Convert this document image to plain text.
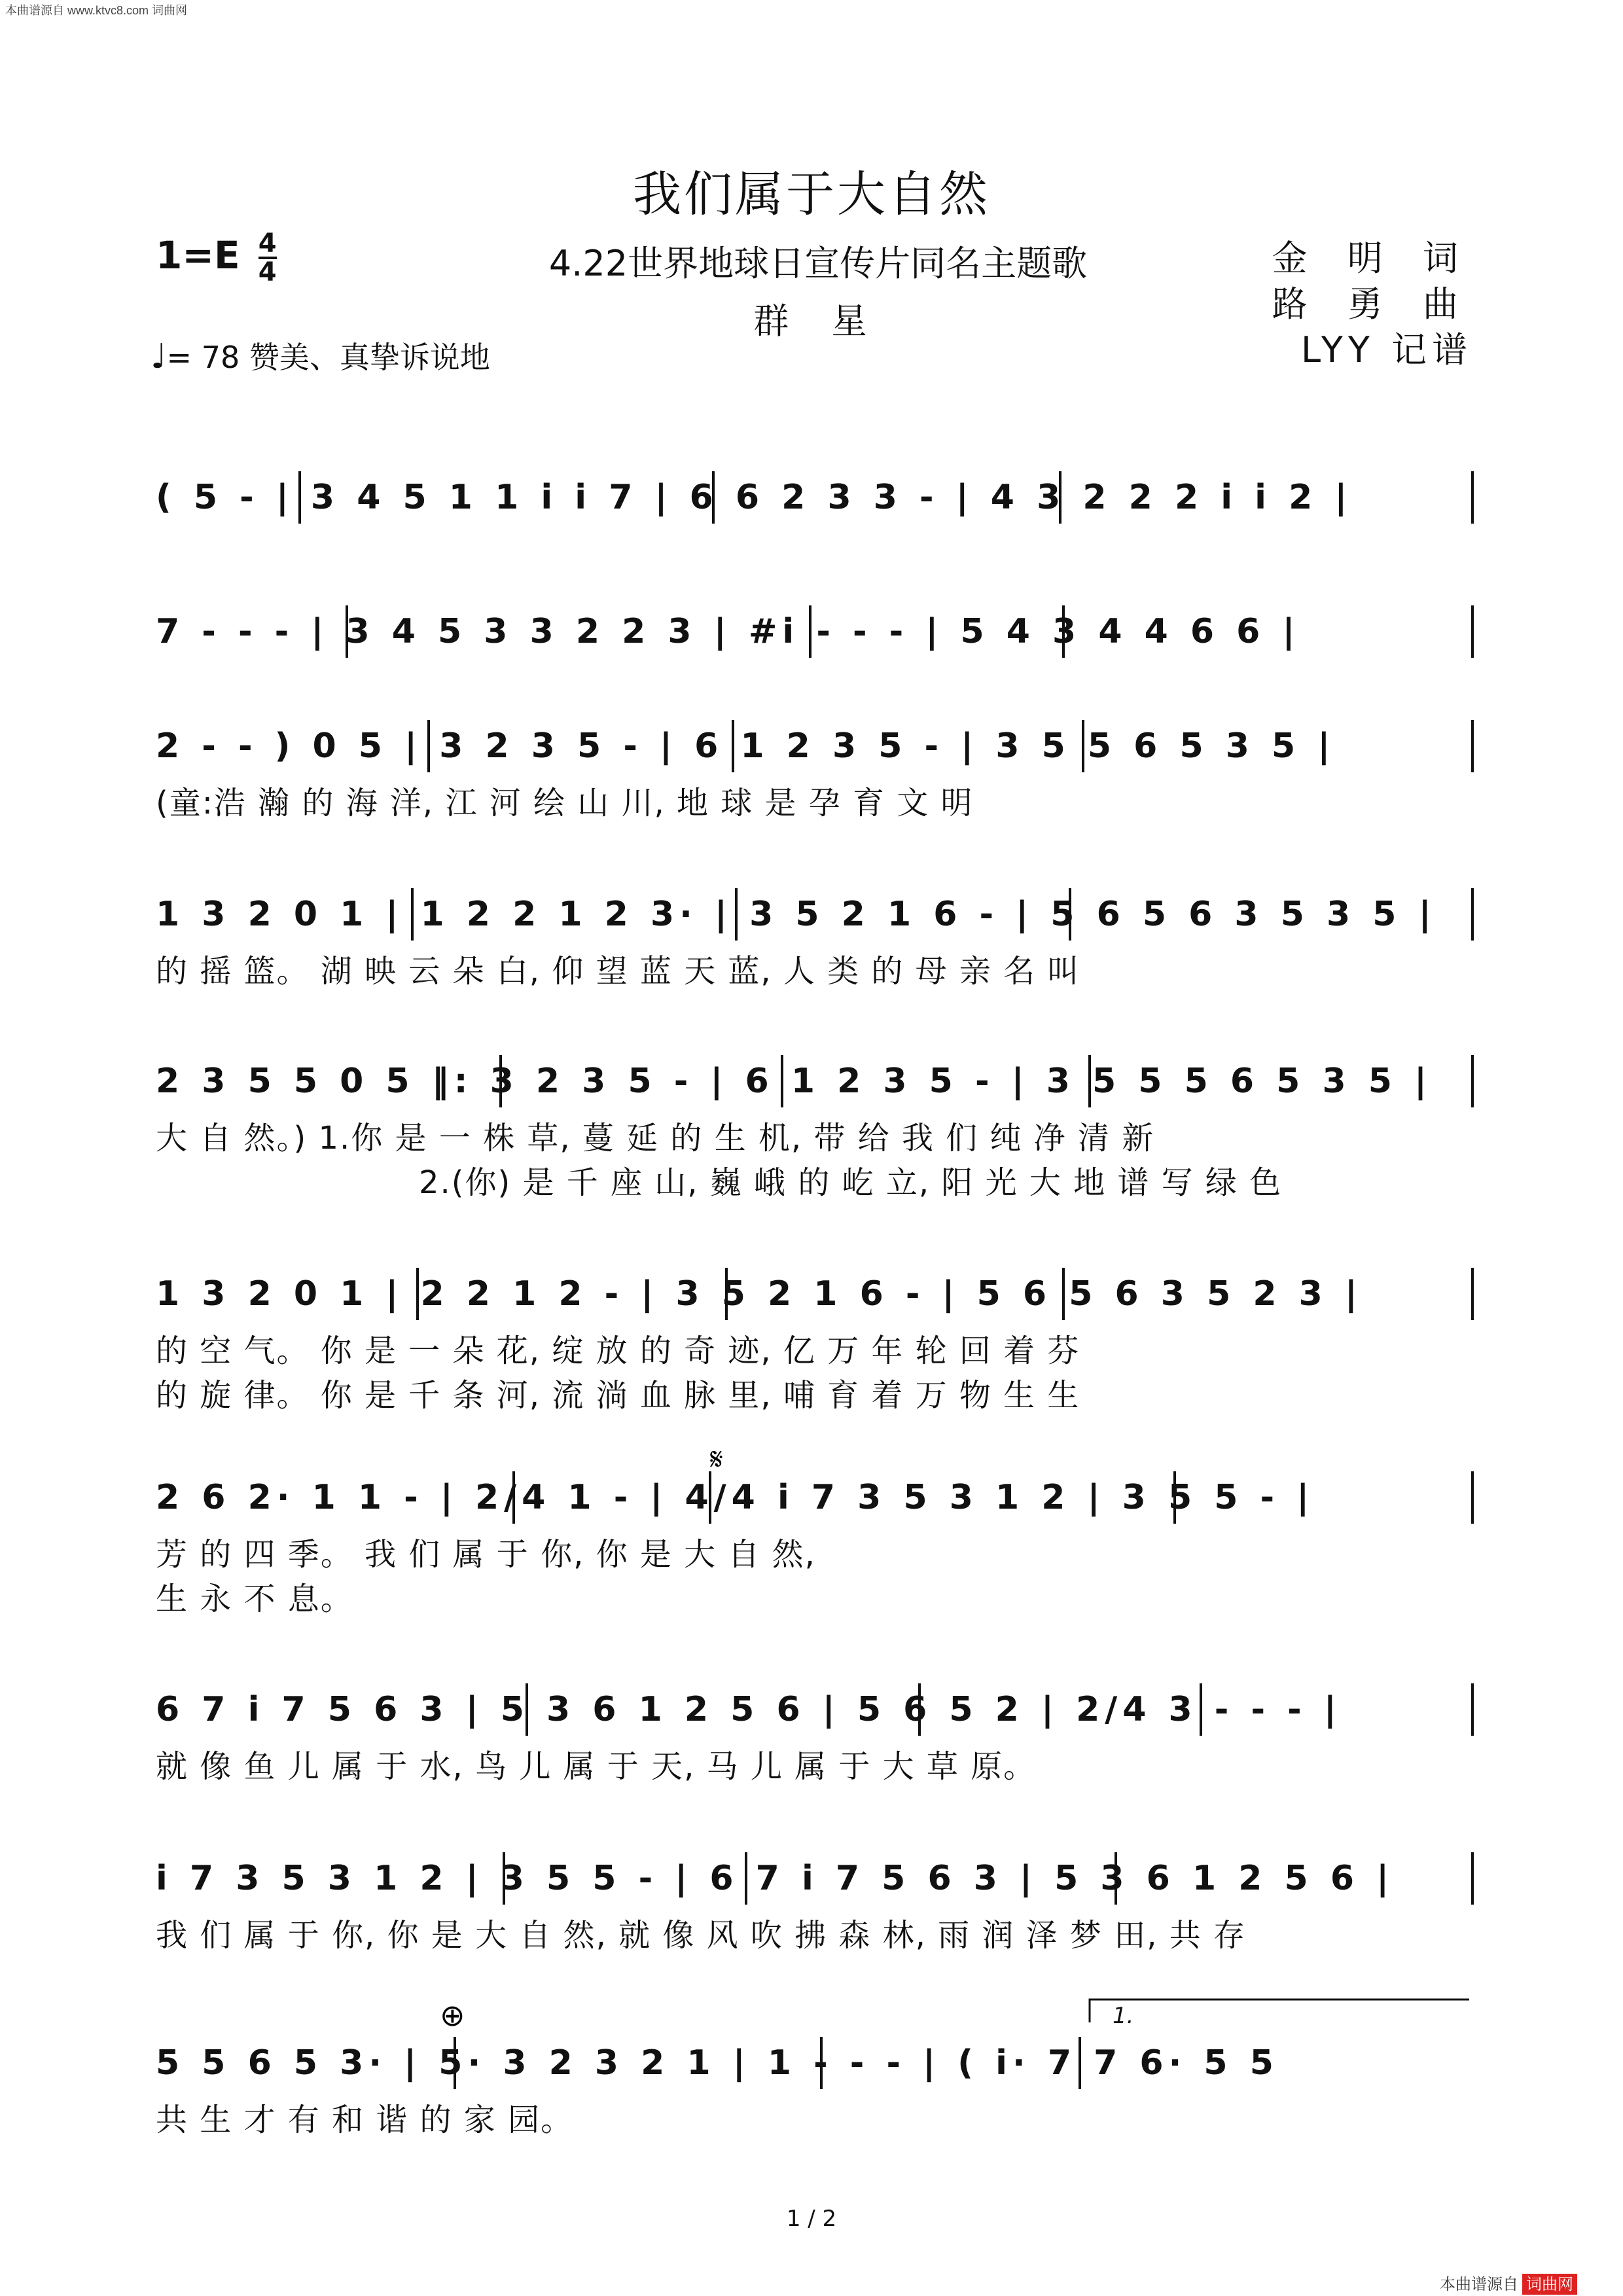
本曲谱源自 www.ktvc8.com 词曲网
我们属于大自然
$1=E \frac{4}{4}$	4.22世界地球日宣传片同名主题歌
群 星
金 明 词
路 勇 曲
LYY 记谱
♩= 78 赞美、真挚诉说地
( 5 - | 3 4 5 1 1 i i 7 | 6 6 2 3 3 - | 4 3 2 2 2 i i 2 |
7 - - - | 3 4 5 3 3 2 2 3 | #i - - - | 5 4 3 4 4 6 6 |
2 - - ) 0 5 | 3 2 3 5 - | 6 1 2 3 5 - | 3 5 5 6 5 3 5 |
(童:浩 瀚 的 海 洋, 江 河 绘 山 川, 地 球 是 孕 育 文 明
1 3 2 0 1 | 1 2 2 1 2 3· | 3 5 2 1 6 - | 5 6 5 6 3 5 3 5 |
的 摇 篮。 湖 映 云 朵 白, 仰 望 蓝 天 蓝, 人 类 的 母 亲 名 叫
2 3 5 5 0 5 ‖: 3 2 3 5 - | 6 1 2 3 5 - | 3 5 5 5 6 5 3 5 |
大 自 然。) 1.你 是 一 株 草, 蔓 延 的 生 机, 带 给 我 们 纯 净 清 新
2.(你) 是 千 座 山, 巍 峨 的 屹 立, 阳 光 大 地 谱 写 绿 色
1 3 2 0 1 | 2 2 1 2 - | 3 5 2 1 6 - | 5 6 5 6 3 5 2 3 |
的 空 气。 你 是 一 朵 花, 绽 放 的 奇 迹, 亿 万 年 轮 回 着 芬
的 旋 律。 你 是 千 条 河, 流 淌 血 脉 里, 哺 育 着 万 物 生 生
2 6 2· 1 1 - | 2/4 1 - | 4/4 i 7 3 5 3 1 2 | 3 5 5 - |
芳 的 四 季。 我 们 属 于 你, 你 是 大 自 然,
生 永 不 息。
6 7 i 7 5 6 3 | 5 3 6 1 2 5 6 | 5 6 5 2 | 2/4 3 - - - |
就 像 鱼 儿 属 于 水, 鸟 儿 属 于 天, 马 儿 属 于 大 草 原。
i 7 3 5 3 1 2 | 3 5 5 - | 6 7 i 7 5 6 3 | 5 3 6 1 2 5 6 |
我 们 属 于 你, 你 是 大 自 然, 就 像 风 吹 拂 森 林, 雨 润 泽 梦 田, 共 存
5 5 6 5 3· | 5· 3 2 3 2 1 | 1 - - - | ( i· 7 7 6· 5 5
共 生 才 有 和 谐 的 家 园。
𝄋
⊕	1.
1 / 2
本曲谱源自 词曲网
